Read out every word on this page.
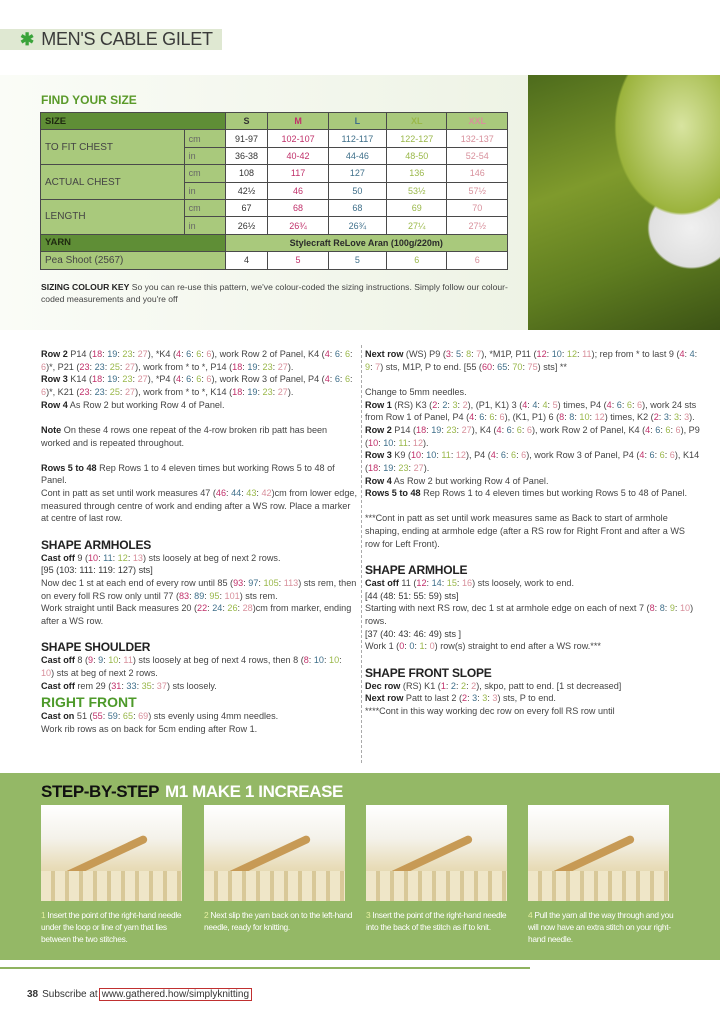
✱ MEN'S CABLE GILET
FIND YOUR SIZE
SIZE		S	M	L	XL	XXL
TO FIT CHEST	cm	91-97	102-107	112-117	122-127	132-137
	in	36-38	40-42	44-46	48-50	52-54
ACTUAL CHEST	cm	108	117	127	136	146
	in	42½	46	50	53½	57½
LENGTH	cm	67	68	68	69	70
	in	26½	26¾	26¾	27¼	27½
YARN		Stylecraft ReLove Aran (100g/220m)				
Pea Shoot (2567)		4	5	5	6	6
SIZING COLOUR KEY So you can re-use this pattern, we've colour-coded the sizing instructions. Simply follow our colour-coded measurements and you're off
Row 2 P14 (18: 19: 23: 27), *K4 (4: 6: 6: 6), work Row 2 of Panel, K4 (4: 6: 6: 6)*, P21 (23: 23: 25: 27), work from * to *, P14 (18: 19: 23: 27).
Row 3 K14 (18: 19: 23: 27), *P4 (4: 6: 6: 6), work Row 3 of Panel, P4 (4: 6: 6: 6)*, K21 (23: 23: 25: 27), work from * to *, K14 (18: 19: 23: 27).
Row 4 As Row 2 but working Row 4 of Panel.
Note On these 4 rows one repeat of the 4-row broken rib patt has been worked and is repeated throughout.
Rows 5 to 48 Rep Rows 1 to 4 eleven times but working Rows 5 to 48 of Panel.
Cont in patt as set until work measures 47 (46: 44: 43: 42)cm from lower edge, measured through centre of work and ending after a WS row. Place a marker at centre of last row.
SHAPE ARMHOLES
Cast off 9 (10: 11: 12: 13) sts loosely at beg of next 2 rows.
[95 (103: 111: 119: 127) sts]
Now dec 1 st at each end of every row until 85 (93: 97: 105: 113) sts rem, then on every foll RS row only until 77 (83: 89: 95: 101) sts rem.
Work straight until Back measures 20 (22: 24: 26: 28)cm from marker, ending after a WS row.
SHAPE SHOULDER
Cast off 8 (9: 9: 10: 11) sts loosely at beg of next 4 rows, then 8 (8: 10: 10: 10) sts at beg of next 2 rows.
Cast off rem 29 (31: 33: 35: 37) sts loosely.
RIGHT FRONT
Cast on 51 (55: 59: 65: 69) sts evenly using 4mm needles.
Work rib rows as on back for 5cm ending after Row 1.
Next row (WS) P9 (3: 5: 8: 7), *M1P, P11 (12: 10: 12: 11); rep from * to last 9 (4: 4: 9: 7) sts, M1P, P to end. [55 (60: 65: 70: 75) sts] **
Change to 5mm needles.
Row 1 (RS) K3 (2: 2: 3: 2), (P1, K1) 3 (4: 4: 4: 5) times, P4 (4: 6: 6: 6), work 24 sts from Row 1 of Panel, P4 (4: 6: 6: 6), (K1, P1) 6 (8: 8: 10: 12) times, K2 (2: 3: 3: 3).
Row 2 P14 (18: 19: 23: 27), K4 (4: 6: 6: 6), work Row 2 of Panel, K4 (4: 6: 6: 6), P9 (10: 10: 11: 12).
Row 3 K9 (10: 10: 11: 12), P4 (4: 6: 6: 6), work Row 3 of Panel, P4 (4: 6: 6: 6), K14 (18: 19: 23: 27).
Row 4 As Row 2 but working Row 4 of Panel.
Rows 5 to 48 Rep Rows 1 to 4 eleven times but working Rows 5 to 48 of Panel.
***Cont in patt as set until work measures same as Back to start of armhole shaping, ending at armhole edge (after a RS row for Right Front and after a WS row for Left Front).
SHAPE ARMHOLE
Cast off 11 (12: 14: 15: 16) sts loosely, work to end.
[44 (48: 51: 55: 59) sts]
Starting with next RS row, dec 1 st at armhole edge on each of next 7 (8: 8: 9: 10) rows.
[37 (40: 43: 46: 49) sts ]
Work 1 (0: 0: 1: 0) row(s) straight to end after a WS row.***
SHAPE FRONT SLOPE
Dec row (RS) K1 (1: 2: 2: 2), skpo, patt to end. [1 st decreased]
Next row Patt to last 2 (2: 3: 3: 3) sts, P to end.
****Cont in this way working dec row on every foll RS row until
STEP-BY-STEP M1 MAKE 1 INCREASE
1 Insert the point of the right-hand needle under the loop or line of yarn that lies between the two stitches.
2 Next slip the yarn back on to the left-hand needle, ready for knitting.
3 Insert the point of the right-hand needle into the back of the stitch as if to knit.
4 Pull the yarn all the way through and you will now have an extra stitch on your right-hand needle.
38 Subscribe at www.gathered.how/simplyknitting
